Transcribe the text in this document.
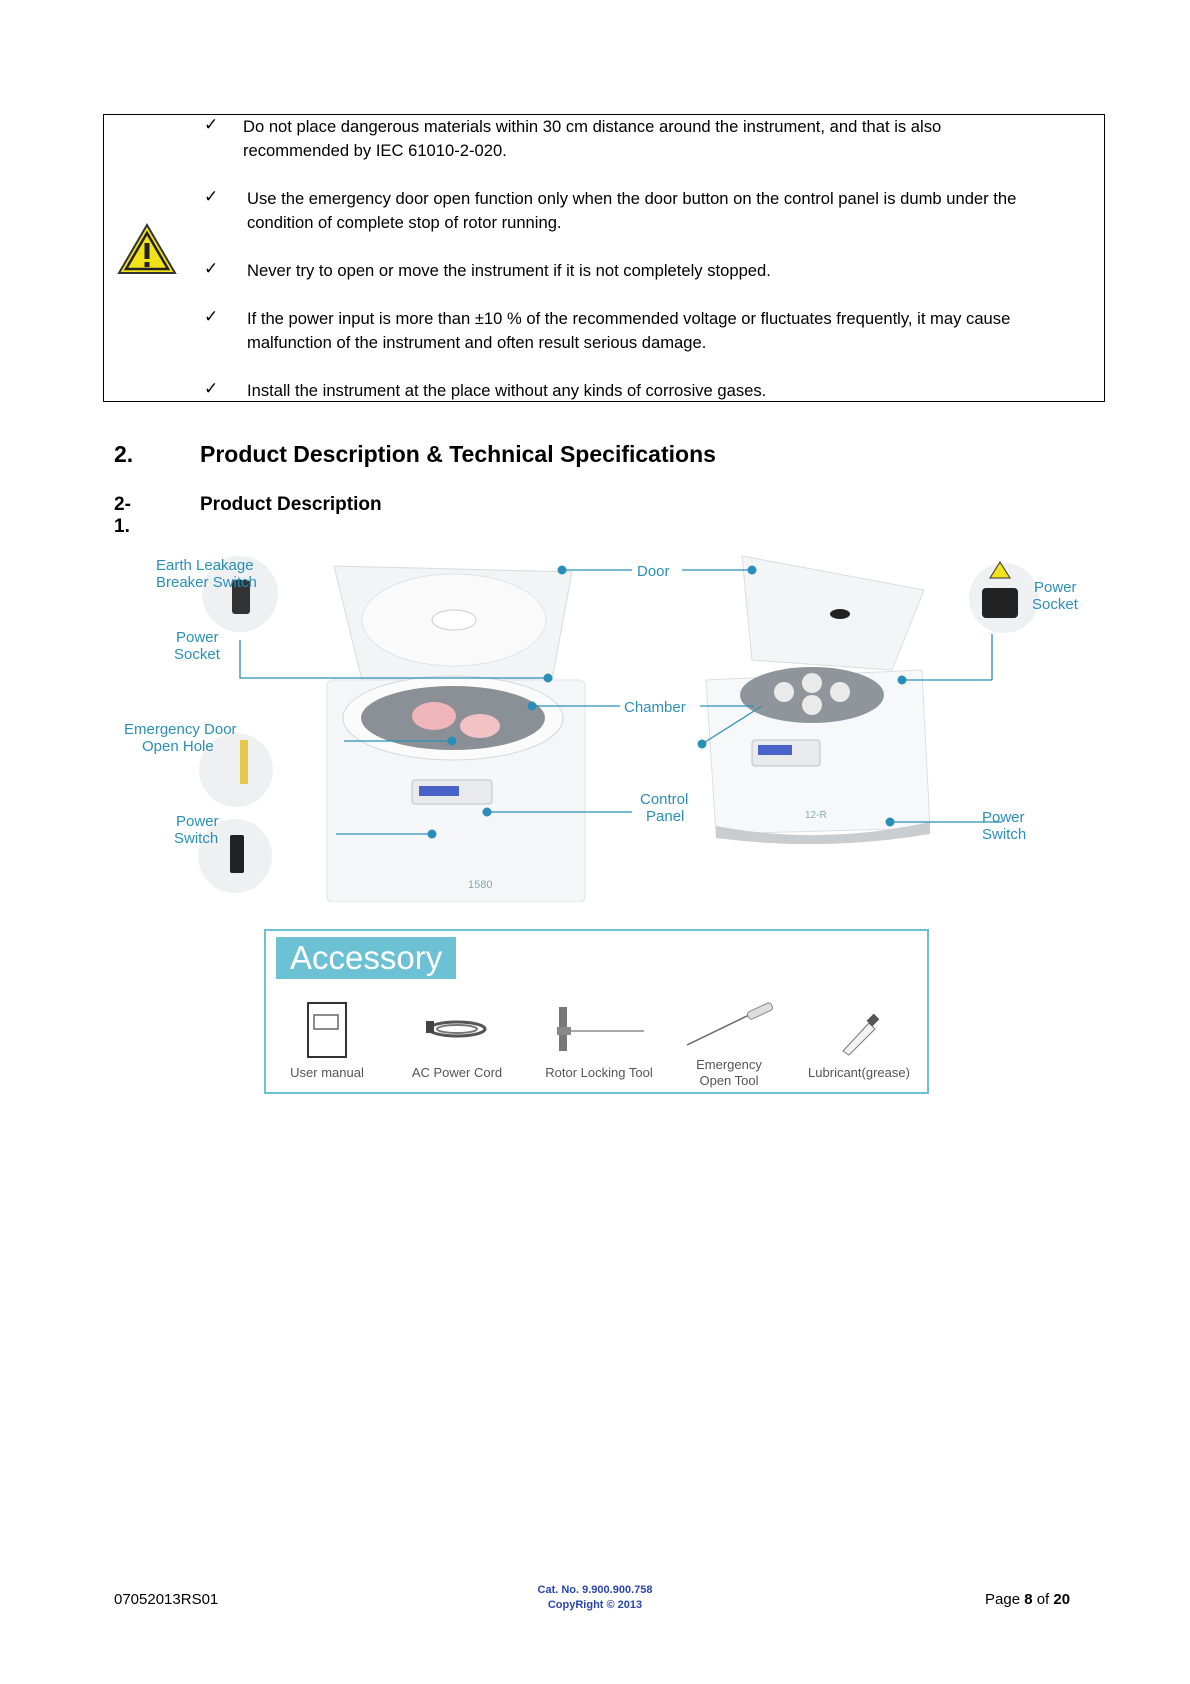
✓ Do not place dangerous materials within 30 cm distance around the instrument, and that is also
recommended by IEC 61010-2-020.
✓ Use the emergency door open function only when the door button on the control panel is dumb under the
condition of complete stop of rotor running.
✓ Never try to open or move the instrument if it is not completely stopped.
✓ If the power input is more than ±10 % of the recommended voltage or fluctuates frequently, it may cause
malfunction of the instrument and often result serious damage.
✓ Install the instrument at the place without any kinds of corrosive gases.
2.	Product Description & Technical Specifications
2-1.
Product Description
1580
12-R
Earth Leakage
Breaker Switch
Power
Socket
Emergency Door
Open Hole
Power
Switch
Door
Chamber
Control
Panel
Power
Socket
Power
Switch
Accessory
User manual	AC Power Cord	Rotor Locking Tool
Emergency
Open Tool
Lubricant(grease)
07052013RS01
Cat. No. 9.900.900.758
CopyRight © 2013	Page 8 of 20
